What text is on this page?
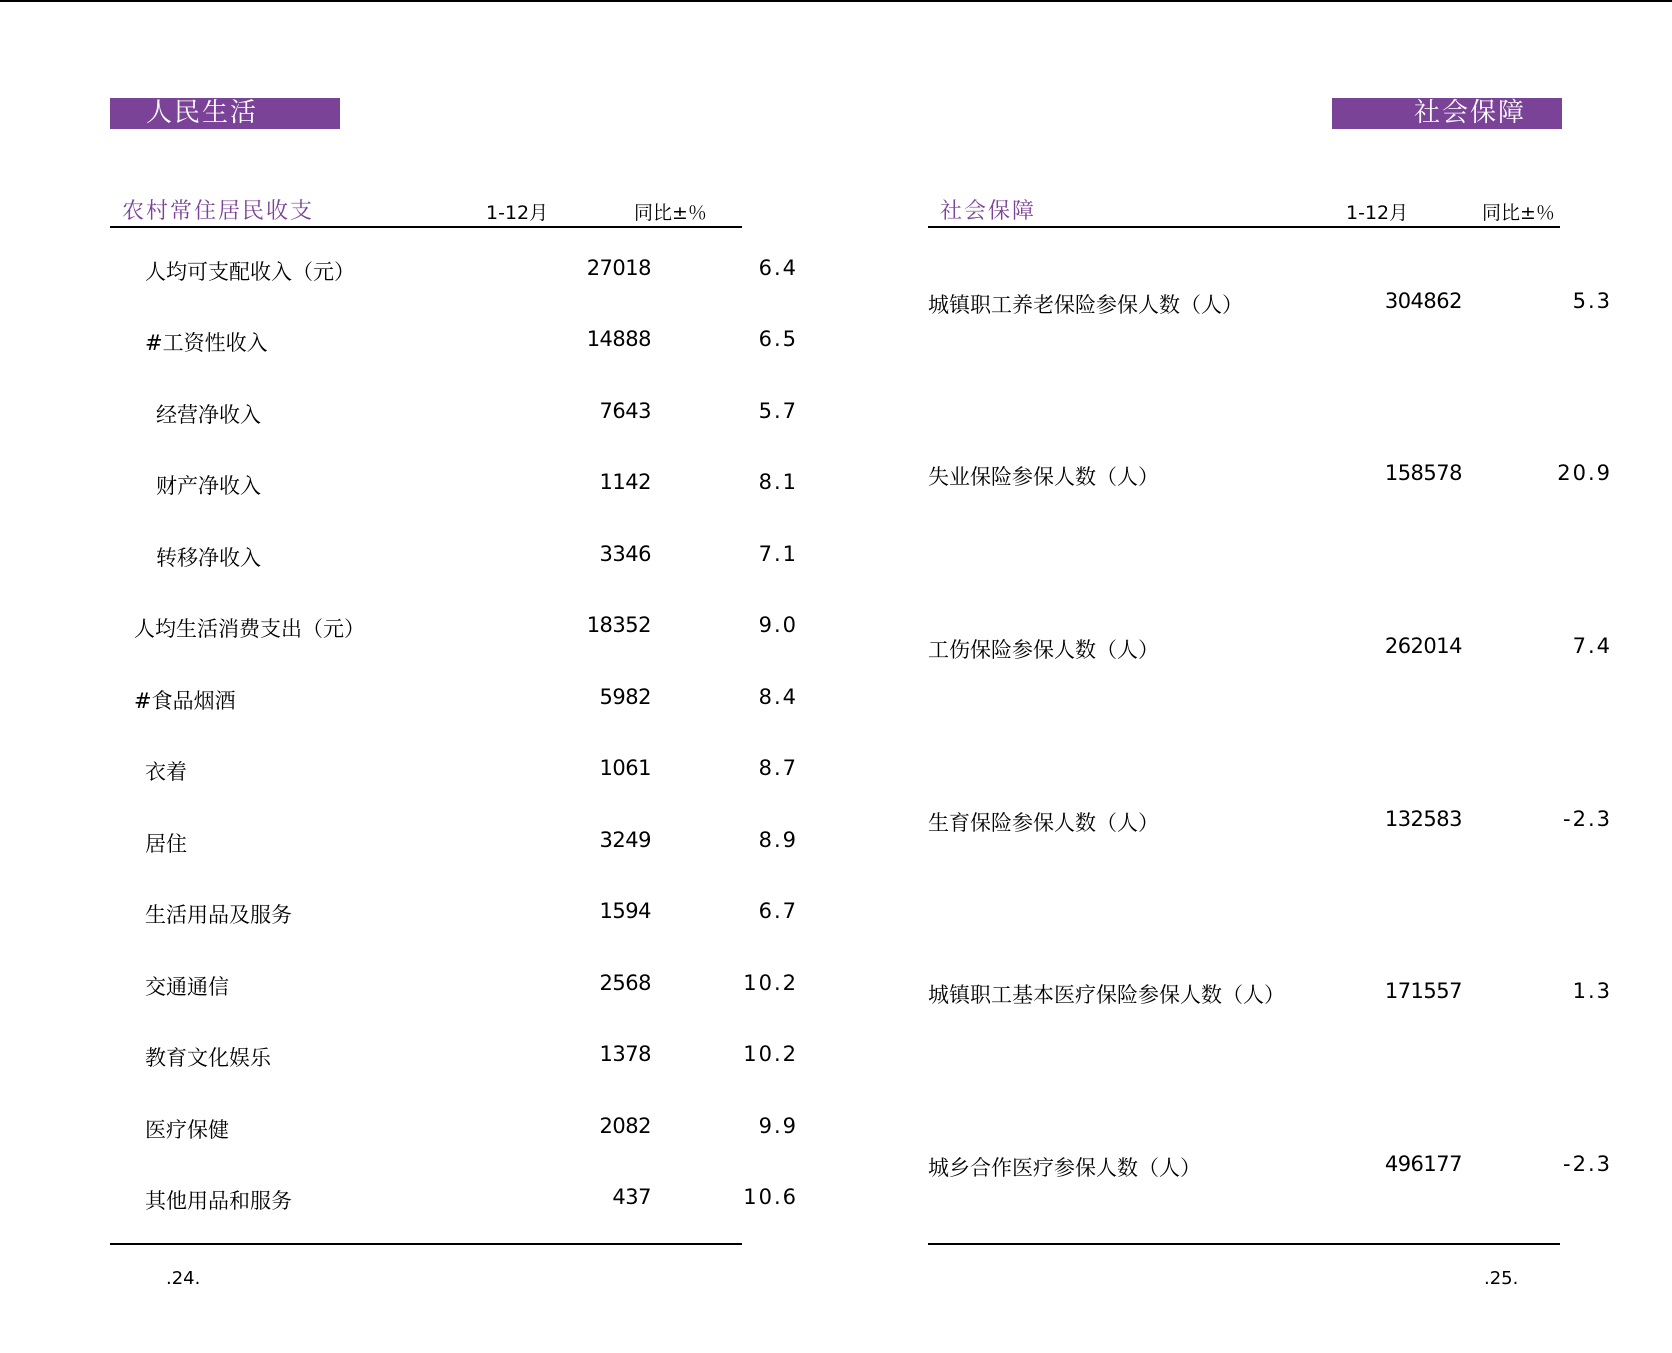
人民生活
农村常住居民收支	1-12月	同比±％
人均可支配收入（元）	27018	6.4
#工资性收入	14888	6.5
经营净收入	7643	5.7
财产净收入	1142	8.1
转移净收入	3346	7.1
人均生活消费支出（元）	18352	9.0
#食品烟酒	5982	8.4
衣着	1061	8.7
居住	3249	8.9
生活用品及服务	1594	6.7
交通通信	2568	10.2
教育文化娱乐	1378	10.2
医疗保健	2082	9.9
其他用品和服务	437	10.6
.24.
社会保障
社会保障	1-12月	同比±％
城镇职工养老保险参保人数（人）	304862	5.3
失业保险参保人数（人）	158578	20.9
工伤保险参保人数（人）	262014	7.4
生育保险参保人数（人）	132583	-2.3
城镇职工基本医疗保险参保人数（人）	171557	1.3
城乡合作医疗参保人数（人）	496177	-2.3
.25.
